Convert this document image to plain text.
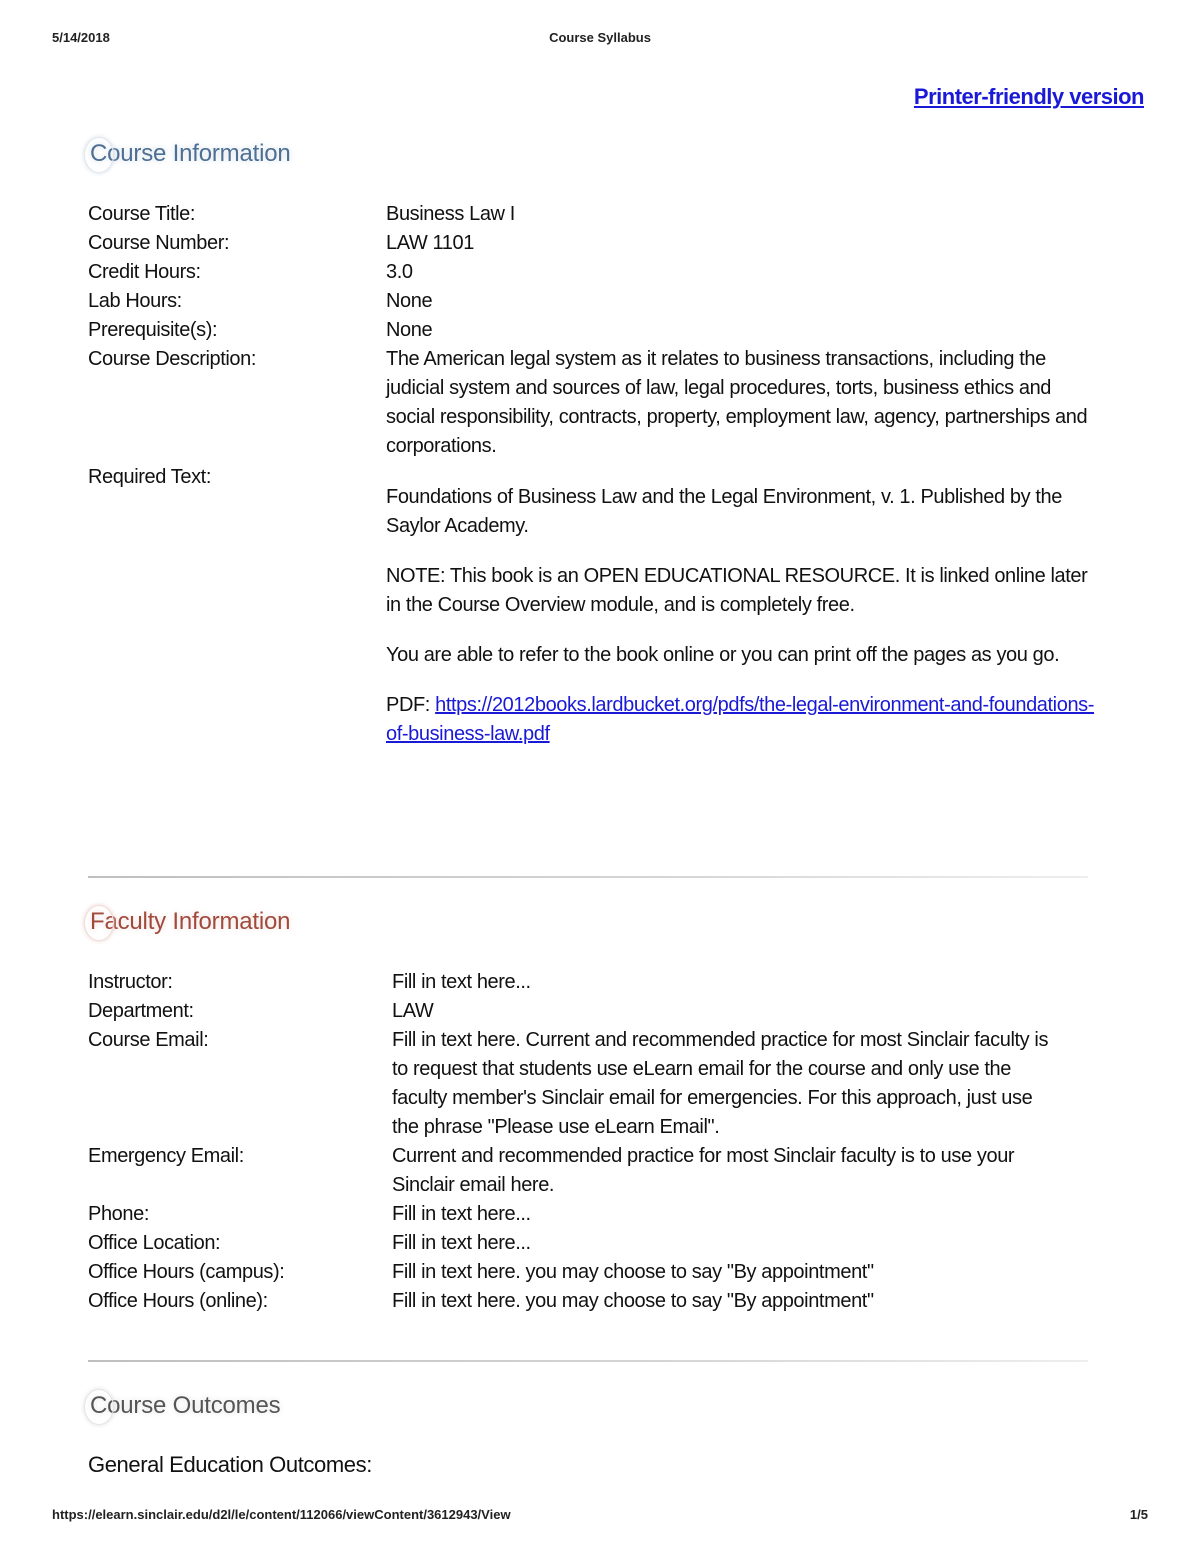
5/14/2018	Course Syllabus
Printer-friendly version
Course Information
Course Title:	Business Law I
Course Number:	LAW 1101
Credit Hours:	3.0
Lab Hours:	None
Prerequisite(s):	None
Course Description:	The American legal system as it relates to business transactions, including the judicial system and sources of law, legal procedures, torts, business ethics and social responsibility, contracts, property, employment law, agency, partnerships and corporations.
Required Text:
Foundations of Business Law and the Legal Environment, v. 1. Published by the Saylor Academy.
NOTE: This book is an OPEN EDUCATIONAL RESOURCE. It is linked online later in the Course Overview module, and is completely free.
You are able to refer to the book online or you can print off the pages as you go.
PDF: https://2012books.lardbucket.org/pdfs/the-legal-environment-and-foundations-of-business-law.pdf
Faculty Information
Instructor:	Fill in text here...
Department:	LAW
Course Email:	Fill in text here. Current and recommended practice for most Sinclair faculty is to request that students use eLearn email for the course and only use the faculty member's Sinclair email for emergencies. For this approach, just use the phrase "Please use eLearn Email".
Emergency Email:	Current and recommended practice for most Sinclair faculty is to use your Sinclair email here.
Phone:	Fill in text here...
Office Location:	Fill in text here...
Office Hours (campus):	Fill in text here. you may choose to say "By appointment"
Office Hours (online):	Fill in text here. you may choose to say "By appointment"
Course Outcomes
General Education Outcomes:
https://elearn.sinclair.edu/d2l/le/content/112066/viewContent/3612943/View	1/5
